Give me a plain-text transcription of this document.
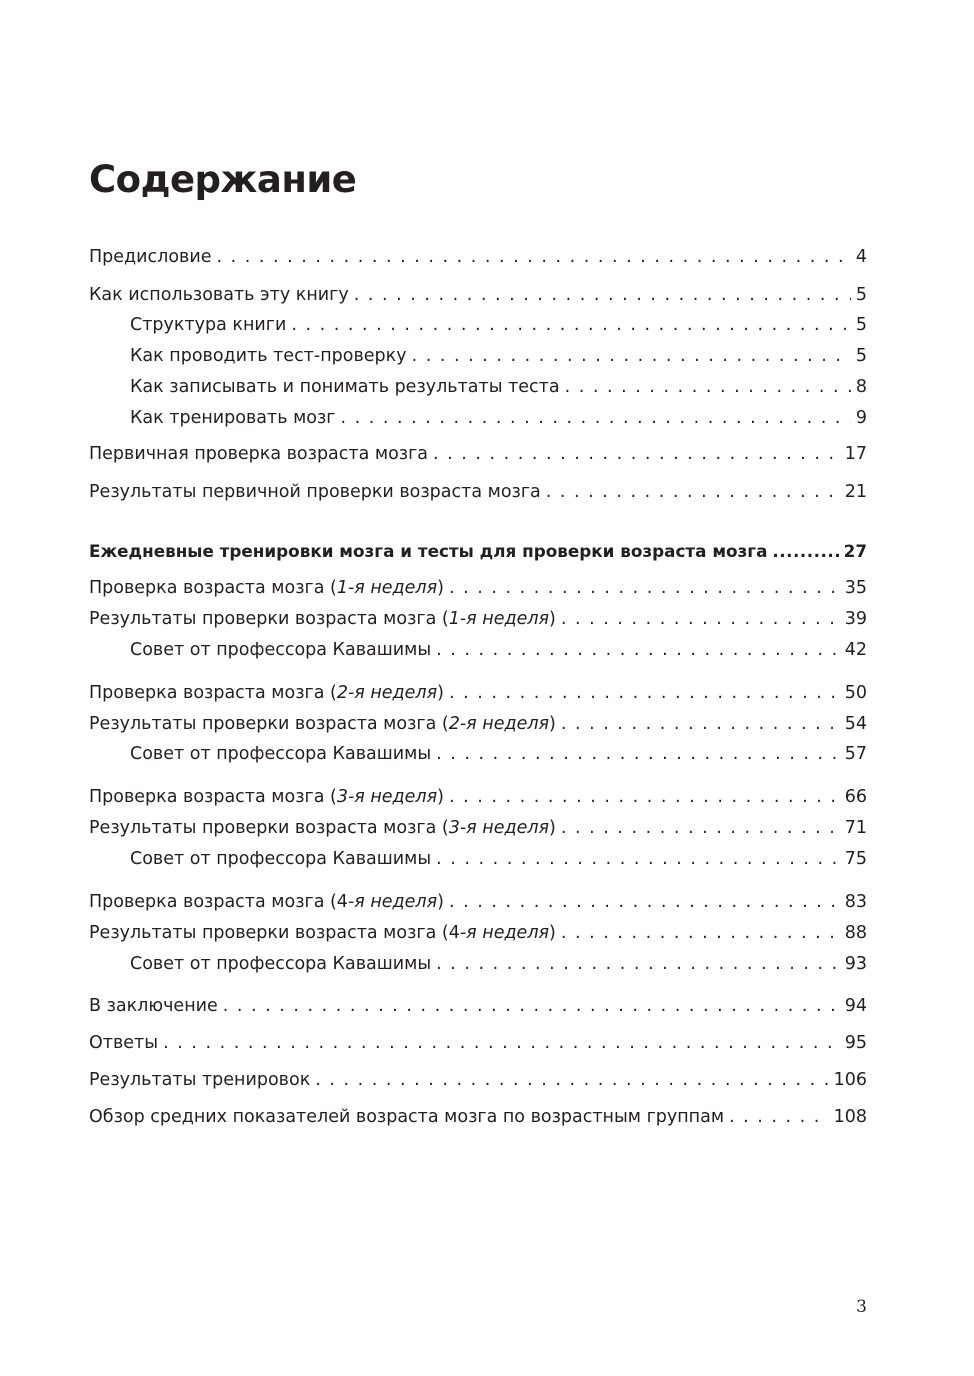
Содержание
Предисловие . . .	4
Как использовать эту книгу . . .	5
Структура книги . . .	5
Как проводить тест-проверку . . .	5
Как записывать и понимать результаты теста . . .	8
Как тренировать мозг . . .	9
Первичная проверка возраста мозга . . .	17
Результаты первичной проверки возраста мозга . . .	21
Ежедневные тренировки мозга и тесты для проверки возраста мозга .....	27
Проверка возраста мозга (1-я неделя) . . .	35
Результаты проверки возраста мозга (1-я неделя) . . .	39
Совет от профессора Кавашимы . . .	42
Проверка возраста мозга (2-я неделя) . . .	50
Результаты проверки возраста мозга (2-я неделя) . . .	54
Совет от профессора Кавашимы . . .	57
Проверка возраста мозга (3-я неделя) . . .	66
Результаты проверки возраста мозга (3-я неделя) . . .	71
Совет от профессора Кавашимы . . .	75
Проверка возраста мозга (4-я неделя) . . .	83
Результаты проверки возраста мозга (4-я неделя) . . .	88
Совет от профессора Кавашимы . . .	93
В заключение . . .	94
Ответы . . .	95
Результаты тренировок . . .	106
Обзор средних показателей возраста мозга по возрастным группам . . .	108
3
